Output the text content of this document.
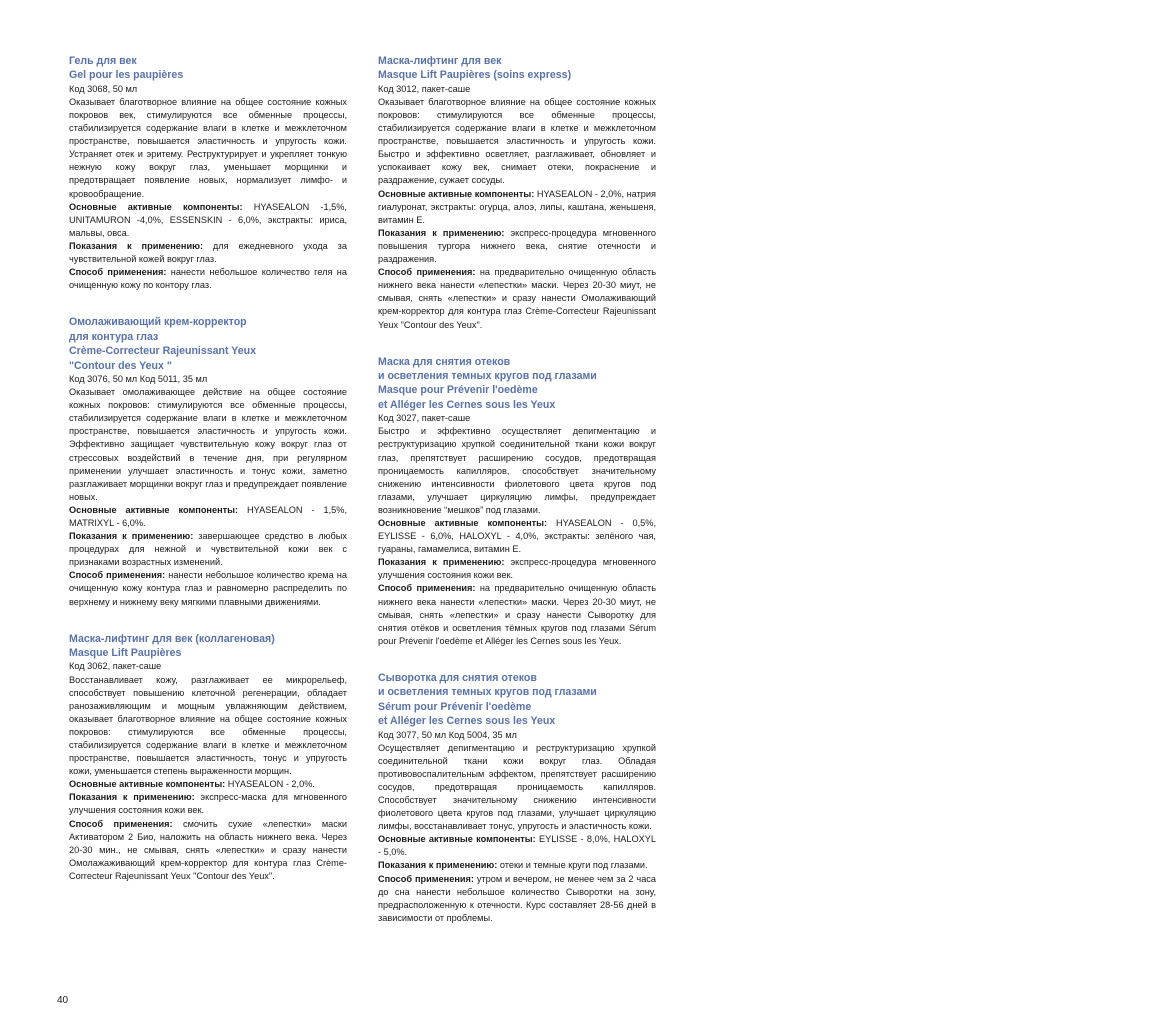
Гель для век
Gel pour les paupières
Код 3068, 50 мл
Оказывает благотворное влияние на общее состояние кожных покровов век, стимулируются все обменные процессы, стабилизируется содержание влаги в клетке и межклеточном пространстве, повышается эластичность и упругость кожи. Устраняет отек и эритему. Реструктурирует и укрепляет тонкую нежную кожу вокруг глаз, уменьшает морщинки и предотвращает появление новых, нормализует лимфо- и кровообращение.
Основные активные компоненты: HYASEALON -1,5%, UNITAMURON -4,0%, ESSENSKIN - 6,0%, экстракты: ириса, мальвы, овса.
Показания к применению: для ежедневного ухода за чувствительной кожей вокруг глаз.
Способ применения: нанести небольшое количество геля на очищенную кожу по контору глаз.
Омолаживающий крем-корректор
для контура глаз
Crème-Correcteur Rajeunissant Yeux
"Contour des Yeux "
Код 3076, 50 мл Код 5011, 35 мл
Оказывает омолаживающее действие на общее состояние кожных покровов: стимулируются все обменные процессы, стабилизируется содержание влаги в клетке и межклеточном пространстве, повышается эластичность и упругость кожи. Эффективно защищает чувствительную кожу вокруг глаз от стрессовых воздействий в течение дня, при регулярном применении улучшает эластичность и тонус кожи, заметно разглаживает морщинки вокруг глаз и предупреждает появление новых.
Основные активные компоненты: HYASEALON - 1,5%, MATRIXYL - 6,0%.
Показания к применению: завершающее средство в любых процедурах для нежной и чувствительной кожи век с признаками возрастных изменений.
Способ применения: нанести небольшое количество крема на очищенную кожу контура глаз и равномерно распределить по верхнему и нижнему веку мягкими плавными движениями.
Маска-лифтинг для век (коллагеновая)
Masque Lift Paupières
Код 3062, пакет-саше
Восстанавливает кожу, разглаживает ее микрорельеф, способствует повышению клеточной регенерации, обладает ранозаживляющим и мощным увлажняющим действием, оказывает благотворное влияние на общее состояние кожных покровов: стимулируются все обменные процессы, стабилизируется содержание влаги в клетке и межклеточном пространстве, повышается эластичность, тонус и упругость кожи, уменьшается степень выраженности морщин.
Основные активные компоненты: HYASEALON - 2,0%.
Показания к применению: экспресс-маска для мгновенного улучшения состояния кожи век.
Способ применения: смочить сухие «лепестки» маски Активатором 2 Био, наложить на область нижнего века. Через 20-30 мин., не смывая, снять «лепестки» и сразу нанести Омолажаживающий крем-корректор для контура глаз Crème-Correcteur Rajeunissant Yeux "Contour des Yeux".
Маска-лифтинг для век
Masque Lift Paupières (soins express)
Код 3012, пакет-саше
Оказывает благотворное влияние на общее состояние кожных покровов: стимулируются все обменные процессы, стабилизируется содержание влаги в клетке и межклеточном пространстве, повышается эластичность и упругость кожи. Быстро и эффективно осветляет, разглаживает, обновляет и успокаивает кожу век, снимает отеки, покраснение и раздражение, сужает сосуды.
Основные активные компоненты: HYASEALON - 2,0%, натрия гиалуронат, экстракты: огурца, алоэ, липы, каштана, женьшеня, витамин Е.
Показания к применению: экспресс-процедура мгновенного повышения тургора нижнего века, снятие отечности и раздражения.
Способ применения: на предварительно очищенную область нижнего века нанести «лепестки» маски. Через 20-30 миут, не смывая, снять «лепестки» и сразу нанести Омолаживающий крем-корректор для контура глаз Crème-Correcteur Rajeunissant Yeux "Contour des Yeux".
Маска для снятия отеков
и осветления темных кругов под глазами
Masque pour Prévenir l'oedème
et Alléger les Cernes sous les Yeux
Код 3027, пакет-саше
Быстро и эффективно осуществляет депигментацию и реструктуризацию хрупкой соединительной ткани кожи вокруг глаз, препятствует расширению сосудов, предотвращая проницаемость капилляров, способствует значительному снижению интенсивности фиолетового цвета кругов под глазами, улучшает циркуляцию лимфы, предупреждает возникновение “мешков” под глазами.
Основные активные компоненты: HYASEALON - 0,5%, EYLISSE - 6,0%, HALOXYL - 4,0%, экстракты: зелёного чая, гуараны, гамамелиса, витамин Е.
Показания к применению: экспресс-процедура мгновенного улучшения состояния кожи век.
Способ применения: на предварительно очищенную область нижнего века нанести «лепестки» маски. Через 20-30 миут, не смывая, снять «лепестки» и сразу нанести Сыворотку для снятия отёков и осветления тёмных кругов под глазами Sérum pour Prévenir l'oedème et Alléger les Cernes sous les Yeux.
Сыворотка для снятия отеков
и осветления темных кругов под глазами
Sérum pour Prévenir l'oedème
et Alléger les Cernes sous les Yeux
Код 3077, 50 мл Код 5004, 35 мл
Осуществляет депигментацию и реструктуризацию хрупкой соединительной ткани кожи вокруг глаз. Обладая противовоспалительным эффектом, препятствует расширению сосудов, предотвращая проницаемость капилляров. Способствует значительному снижению интенсивности фиолетового цвета кругов под глазами, улучшает циркуляцию лимфы, восстанавливает тонус, упругость и эластичность кожи.
Основные активные компоненты: EYLISSE - 8,0%, HALOXYL - 5,0%.
Показания к применению: отеки и темные круги под глазами.
Способ применения: утром и вечером, не менее чем за 2 часа до сна нанести небольшое количество Сыворотки на зону, предрасположенную к отечности. Курс составляет 28-56 дней в зависимости от проблемы.
40
